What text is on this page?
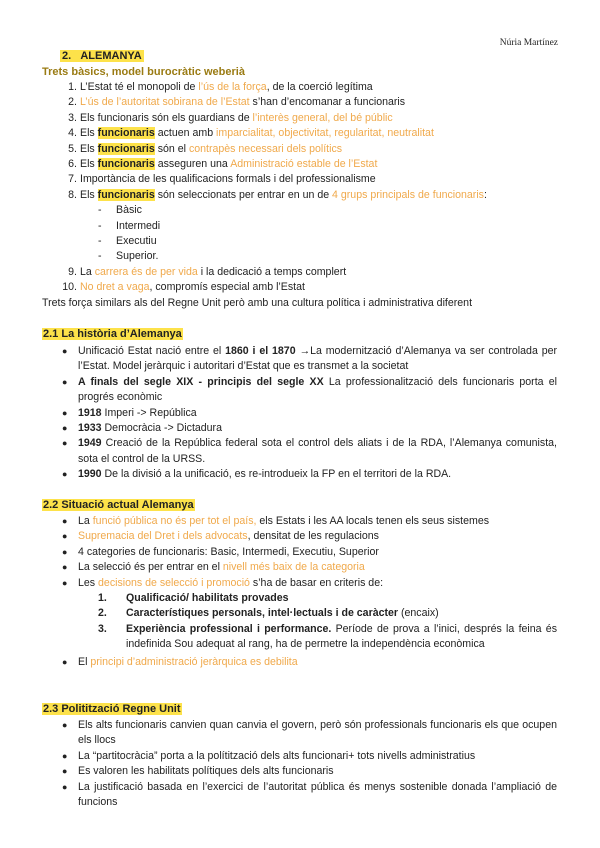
Núria Martínez
2. ALEMANYA
Trets bàsics, model burocràtic weberià
1. L’Estat té el monopoli de l’ús de la força, de la coerció legítima
2. L’ús de l’autoritat sobirana de l’Estat s’han d’encomanar a funcionaris
3. Els funcionaris són els guardians de l’interès general, del bé públic
4. Els funcionaris actuen amb imparcialitat, objectivitat, regularitat, neutralitat
5. Els funcionaris són el contrapès necessari dels polítics
6. Els funcionaris asseguren una Administració estable de l’Estat
7. Importància de les qualificacions formals i del professionalisme
8. Els funcionaris són seleccionats per entrar en un de 4 grups principals de funcionaris:
- Bàsic
- Intermedi
- Executiu
- Superior.
9. La carrera és de per vida i la dedicació a temps complert
10. No dret a vaga, compromís especial amb l’Estat
Trets força similars als del Regne Unit però amb una cultura política i administrativa diferent
2.1 La història d’Alemanya
● Unificació Estat nació entre el 1860 i el 1870 →La modernització d’Alemanya va ser controlada per l’Estat. Model jeràrquic i autoritari d’Estat que es transmet a la societat
● A finals del segle XIX - principis del segle XX La professionalització dels funcionaris porta el progrés econòmic
● 1918 Imperi -> República
● 1933 Democràcia -> Dictadura
● 1949 Creació de la República federal sota el control dels aliats i de la RDA, l’Alemanya comunista, sota el control de la URSS.
● 1990 De la divisió a la unificació, es re-introdueix la FP en el territori de la RDA.
2.2 Situació actual Alemanya
● La funció pública no és per tot el país, els Estats i les AA locals tenen els seus sistemes
● Supremacia del Dret i dels advocats, densitat de les regulacions
● 4 categories de funcionaris: Basic, Intermedi, Executiu, Superior
● La selecció és per entrar en el nivell més baix de la categoria
● Les decisions de selecció i promoció s’ha de basar en criteris de:
1. Qualificació/ habilitats provades
2. Característiques personals, intel·lectuals i de caràcter (encaix)
3. Experiència professional i performance. Període de prova a l’inici, després la feina és indefinida Sou adequat al rang, ha de permetre la independència econòmica
● El principi d’administració jeràrquica es debilita
2.3 Politització Regne Unit
● Els alts funcionaris canvien quan canvia el govern, però són professionals funcionaris els que ocupen els llocs
● La “partitocràcia” porta a la polítització dels alts funcionari+ tots nivells administratius
● Es valoren les habilitats polítiques dels alts funcionaris
● La justificació basada en l’exercici de l’autoritat pública és menys sostenible donada l’ampliació de funcions
